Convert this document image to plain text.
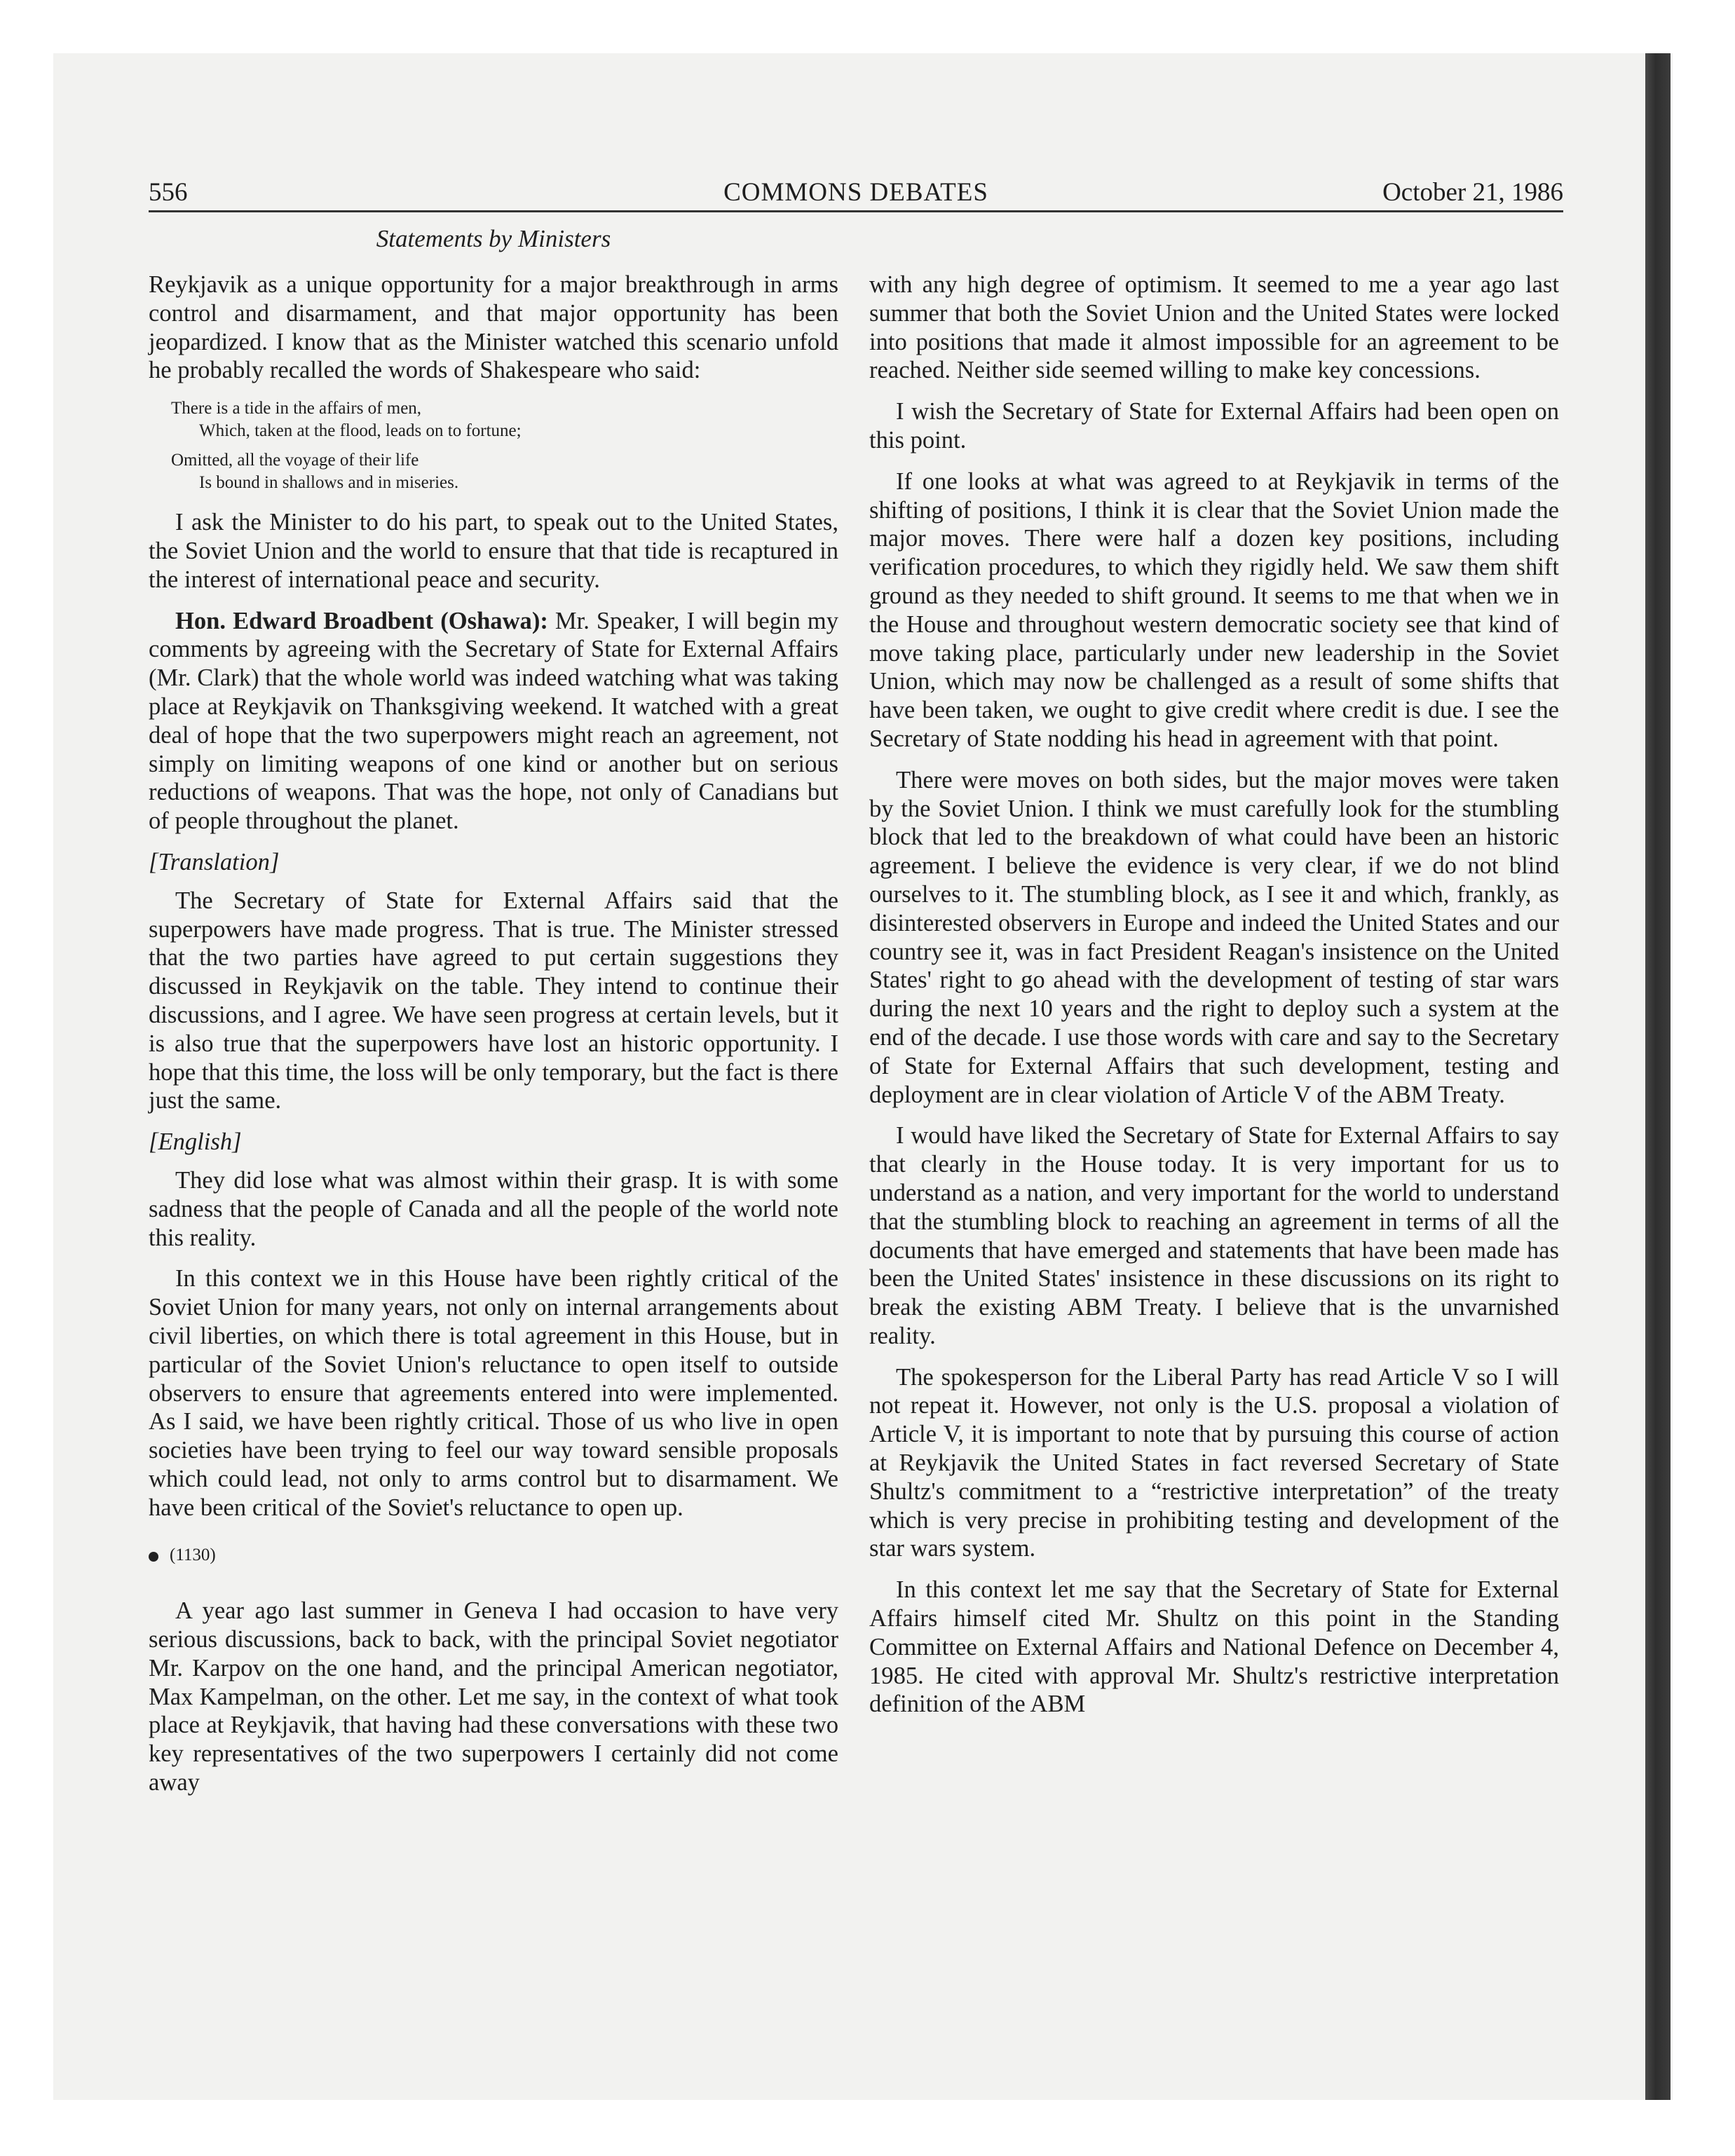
556	COMMONS DEBATES	October 21, 1986
Statements by Ministers

Reykjavik as a unique opportunity for a major breakthrough in arms control and disarmament, and that major opportunity has been jeopardized. I know that as the Minister watched this scenario unfold he probably recalled the words of Shakespeare who said:

There is a tide in the affairs of men,
Which, taken at the flood, leads on to fortune;
Omitted, all the voyage of their life
Is bound in shallows and in miseries.

I ask the Minister to do his part, to speak out to the United States, the Soviet Union and the world to ensure that that tide is recaptured in the interest of international peace and security.

Hon. Edward Broadbent (Oshawa): Mr. Speaker, I will begin my comments by agreeing with the Secretary of State for External Affairs (Mr. Clark) that the whole world was indeed watching what was taking place at Reykjavik on Thanksgiving weekend. It watched with a great deal of hope that the two superpowers might reach an agreement, not simply on limiting weapons of one kind or another but on serious reductions of weapons. That was the hope, not only of Canadians but of people throughout the planet.

[Translation]

The Secretary of State for External Affairs said that the superpowers have made progress. That is true. The Minister stressed that the two parties have agreed to put certain suggestions they discussed in Reykjavik on the table. They intend to continue their discussions, and I agree. We have seen progress at certain levels, but it is also true that the superpowers have lost an historic opportunity. I hope that this time, the loss will be only temporary, but the fact is there just the same.

[English]

They did lose what was almost within their grasp. It is with some sadness that the people of Canada and all the people of the world note this reality.

In this context we in this House have been rightly critical of the Soviet Union for many years, not only on internal arrangements about civil liberties, on which there is total agreement in this House, but in particular of the Soviet Union's reluctance to open itself to outside observers to ensure that agreements entered into were implemented. As I said, we have been rightly critical. Those of us who live in open societies have been trying to feel our way toward sensible proposals which could lead, not only to arms control but to disarmament. We have been critical of the Soviet's reluctance to open up.

(1130)

A year ago last summer in Geneva I had occasion to have very serious discussions, back to back, with the principal Soviet negotiator Mr. Karpov on the one hand, and the principal American negotiator, Max Kampelman, on the other. Let me say, in the context of what took place at Reykjavik, that having had these conversations with these two key representatives of the two superpowers I certainly did not come away

with any high degree of optimism. It seemed to me a year ago last summer that both the Soviet Union and the United States were locked into positions that made it almost impossible for an agreement to be reached. Neither side seemed willing to make key concessions.

I wish the Secretary of State for External Affairs had been open on this point.

If one looks at what was agreed to at Reykjavik in terms of the shifting of positions, I think it is clear that the Soviet Union made the major moves. There were half a dozen key positions, including verification procedures, to which they rigidly held. We saw them shift ground as they needed to shift ground. It seems to me that when we in the House and throughout western democratic society see that kind of move taking place, particularly under new leadership in the Soviet Union, which may now be challenged as a result of some shifts that have been taken, we ought to give credit where credit is due. I see the Secretary of State nodding his head in agreement with that point.

There were moves on both sides, but the major moves were taken by the Soviet Union. I think we must carefully look for the stumbling block that led to the breakdown of what could have been an historic agreement. I believe the evidence is very clear, if we do not blind ourselves to it. The stumbling block, as I see it and which, frankly, as disinterested observers in Europe and indeed the United States and our country see it, was in fact President Reagan's insistence on the United States' right to go ahead with the development of testing of star wars during the next 10 years and the right to deploy such a system at the end of the decade. I use those words with care and say to the Secretary of State for External Affairs that such development, testing and deployment are in clear violation of Article V of the ABM Treaty.

I would have liked the Secretary of State for External Affairs to say that clearly in the House today. It is very important for us to understand as a nation, and very important for the world to understand that the stumbling block to reaching an agreement in terms of all the documents that have emerged and statements that have been made has been the United States' insistence in these discussions on its right to break the existing ABM Treaty. I believe that is the unvarnished reality.

The spokesperson for the Liberal Party has read Article V so I will not repeat it. However, not only is the U.S. proposal a violation of Article V, it is important to note that by pursuing this course of action at Reykjavik the United States in fact reversed Secretary of State Shultz's commitment to a “restrictive interpretation” of the treaty which is very precise in prohibiting testing and development of the star wars system.

In this context let me say that the Secretary of State for External Affairs himself cited Mr. Shultz on this point in the Standing Committee on External Affairs and National Defence on December 4, 1985. He cited with approval Mr. Shultz's restrictive interpretation definition of the ABM
